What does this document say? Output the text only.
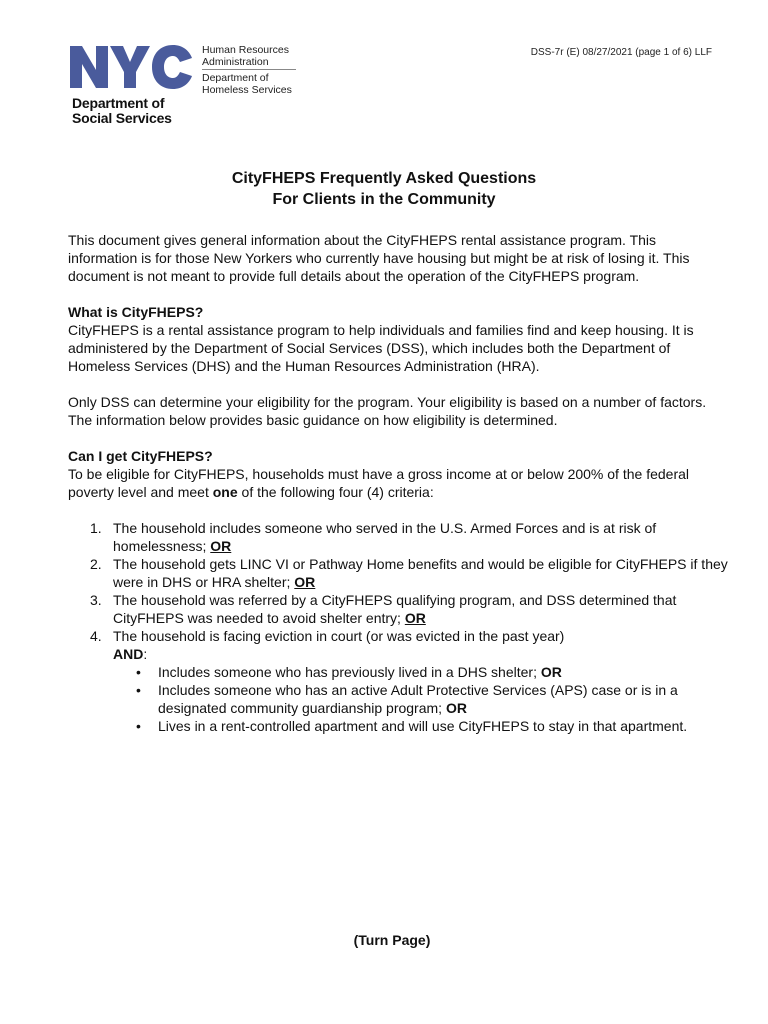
Human Resources
Administration
Department of
Homeless Services
Department of
Social Services
DSS-7r (E) 08/27/2021 (page 1 of 6) LLF
CityFHEPS Frequently Asked Questions
For Clients in the Community

This document gives general information about the CityFHEPS rental assistance program. This information is for those New Yorkers who currently have housing but might be at risk of losing it. This document is not meant to provide full details about the operation of the CityFHEPS program.

What is CityFHEPS?

CityFHEPS is a rental assistance program to help individuals and families find and keep housing. It is administered by the Department of Social Services (DSS), which includes both the Department of Homeless Services (DHS) and the Human Resources Administration (HRA).

Only DSS can determine your eligibility for the program. Your eligibility is based on a number of factors. The information below provides basic guidance on how eligibility is determined.

Can I get CityFHEPS?

To be eligible for CityFHEPS, households must have a gross income at or below 200% of the federal poverty level and meet one of the following four (4) criteria:

1. The household includes someone who served in the U.S. Armed Forces and is at risk of homelessness; OR
2. The household gets LINC VI or Pathway Home benefits and would be eligible for CityFHEPS if they were in DHS or HRA shelter; OR
3. The household was referred by a CityFHEPS qualifying program, and DSS determined that CityFHEPS was needed to avoid shelter entry; OR
4. The household is facing eviction in court (or was evicted in the past year)
AND:
• Includes someone who has previously lived in a DHS shelter; OR
• Includes someone who has an active Adult Protective Services (APS) case or is in a designated community guardianship program; OR
• Lives in a rent-controlled apartment and will use CityFHEPS to stay in that apartment.
(Turn Page)
